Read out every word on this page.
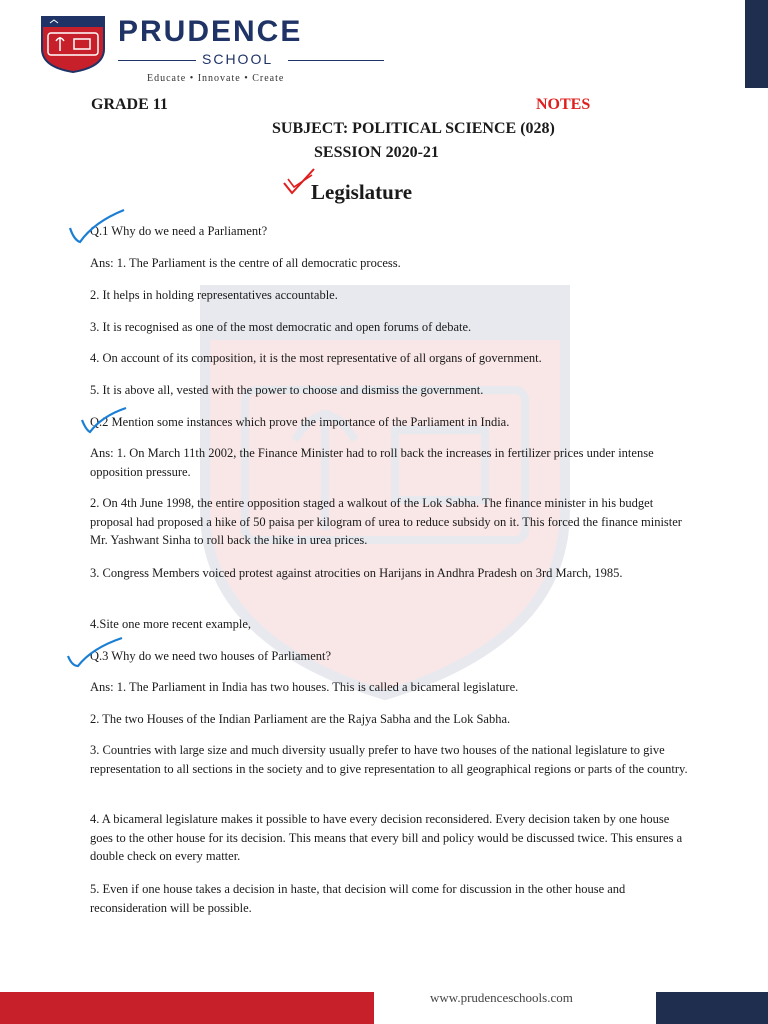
PRUDENCE
SCHOOL
Educate • Innovate • Create
GRADE 11	NOTES
SUBJECT: POLITICAL SCIENCE (028)
SESSION 2020-21
Legislature
Q.1 Why do we need a Parliament?
Ans: 1. The Parliament is the centre of all democratic process.
2. It helps in holding representatives accountable.
3. It is recognised as one of the most democratic and open forums of debate.
4. On account of its composition, it is the most representative of all organs of government.
5. It is above all, vested with the power to choose and dismiss the government.
Q.2 Mention some instances which prove the importance of the Parliament in India.
Ans: 1. On March 11th 2002, the Finance Minister had to roll back the increases in fertilizer prices under intense opposition pressure.
2. On 4th June 1998, the entire opposition staged a walkout of the Lok Sabha. The finance minister in his budget proposal had proposed a hike of 50 paisa per kilogram of urea to reduce subsidy on it. This forced the finance minister Mr. Yashwant Sinha to roll back the hike in urea prices.
3. Congress Members voiced protest against atrocities on Harijans in Andhra Pradesh on 3rd March, 1985.
4.Site one more recent example,
Q.3 Why do we need two houses of Parliament?
Ans: 1. The Parliament in India has two houses. This is called a bicameral legislature.
2. The two Houses of the Indian Parliament are the Rajya Sabha and the Lok Sabha.
3. Countries with large size and much diversity usually prefer to have two houses of the national legislature to give representation to all sections in the society and to give representation to all geographical regions or parts of the country.
4. A bicameral legislature makes it possible to have every decision reconsidered. Every decision taken by one house goes to the other house for its decision. This means that every bill and policy would be discussed twice. This ensures a double check on every matter.
5. Even if one house takes a decision in haste, that decision will come for discussion in the other house and reconsideration will be possible.
www.prudenceschools.com
